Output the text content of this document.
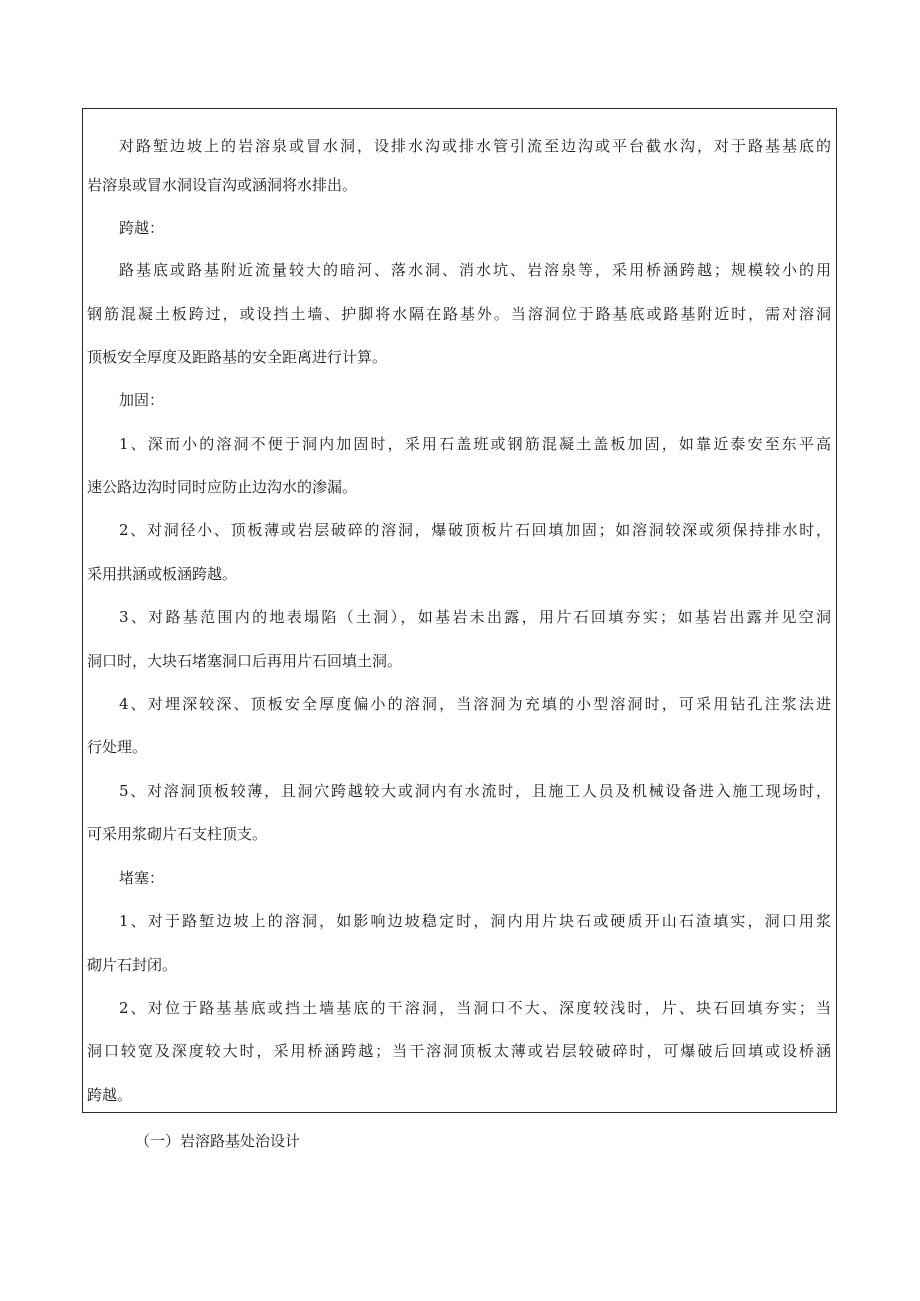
对路堑边坡上的岩溶泉或冒水洞，设排水沟或排水管引流至边沟或平台截水沟，对于路基基底的
岩溶泉或冒水洞设盲沟或涵洞将水排出。
跨越：
路基底或路基附近流量较大的暗河、落水洞、消水坑、岩溶泉等，采用桥涵跨越；规模较小的用
钢筋混凝土板跨过，或设挡土墙、护脚将水隔在路基外。当溶洞位于路基底或路基附近时，需对溶洞
顶板安全厚度及距路基的安全距离进行计算。
加固：
1、深而小的溶洞不便于洞内加固时，采用石盖班或钢筋混凝土盖板加固，如靠近泰安至东平高
速公路边沟时同时应防止边沟水的渗漏。
2、对洞径小、顶板薄或岩层破碎的溶洞，爆破顶板片石回填加固；如溶洞较深或须保持排水时，
采用拱涵或板涵跨越。
3、对路基范围内的地表塌陷（土洞），如基岩未出露，用片石回填夯实；如基岩出露并见空洞
洞口时，大块石堵塞洞口后再用片石回填土洞。
4、对埋深较深、顶板安全厚度偏小的溶洞，当溶洞为充填的小型溶洞时，可采用钻孔注浆法进
行处理。
5、对溶洞顶板较薄，且洞穴跨越较大或洞内有水流时，且施工人员及机械设备进入施工现场时，
可采用浆砌片石支柱顶支。
堵塞：
1、对于路堑边坡上的溶洞，如影响边坡稳定时，洞内用片块石或硬质开山石渣填实，洞口用浆
砌片石封闭。
2、对位于路基基底或挡土墙基底的干溶洞，当洞口不大、深度较浅时，片、块石回填夯实；当
洞口较宽及深度较大时，采用桥涵跨越；当干溶洞顶板太薄或岩层较破碎时，可爆破后回填或设桥涵
跨越。
（一）岩溶路基处治设计
